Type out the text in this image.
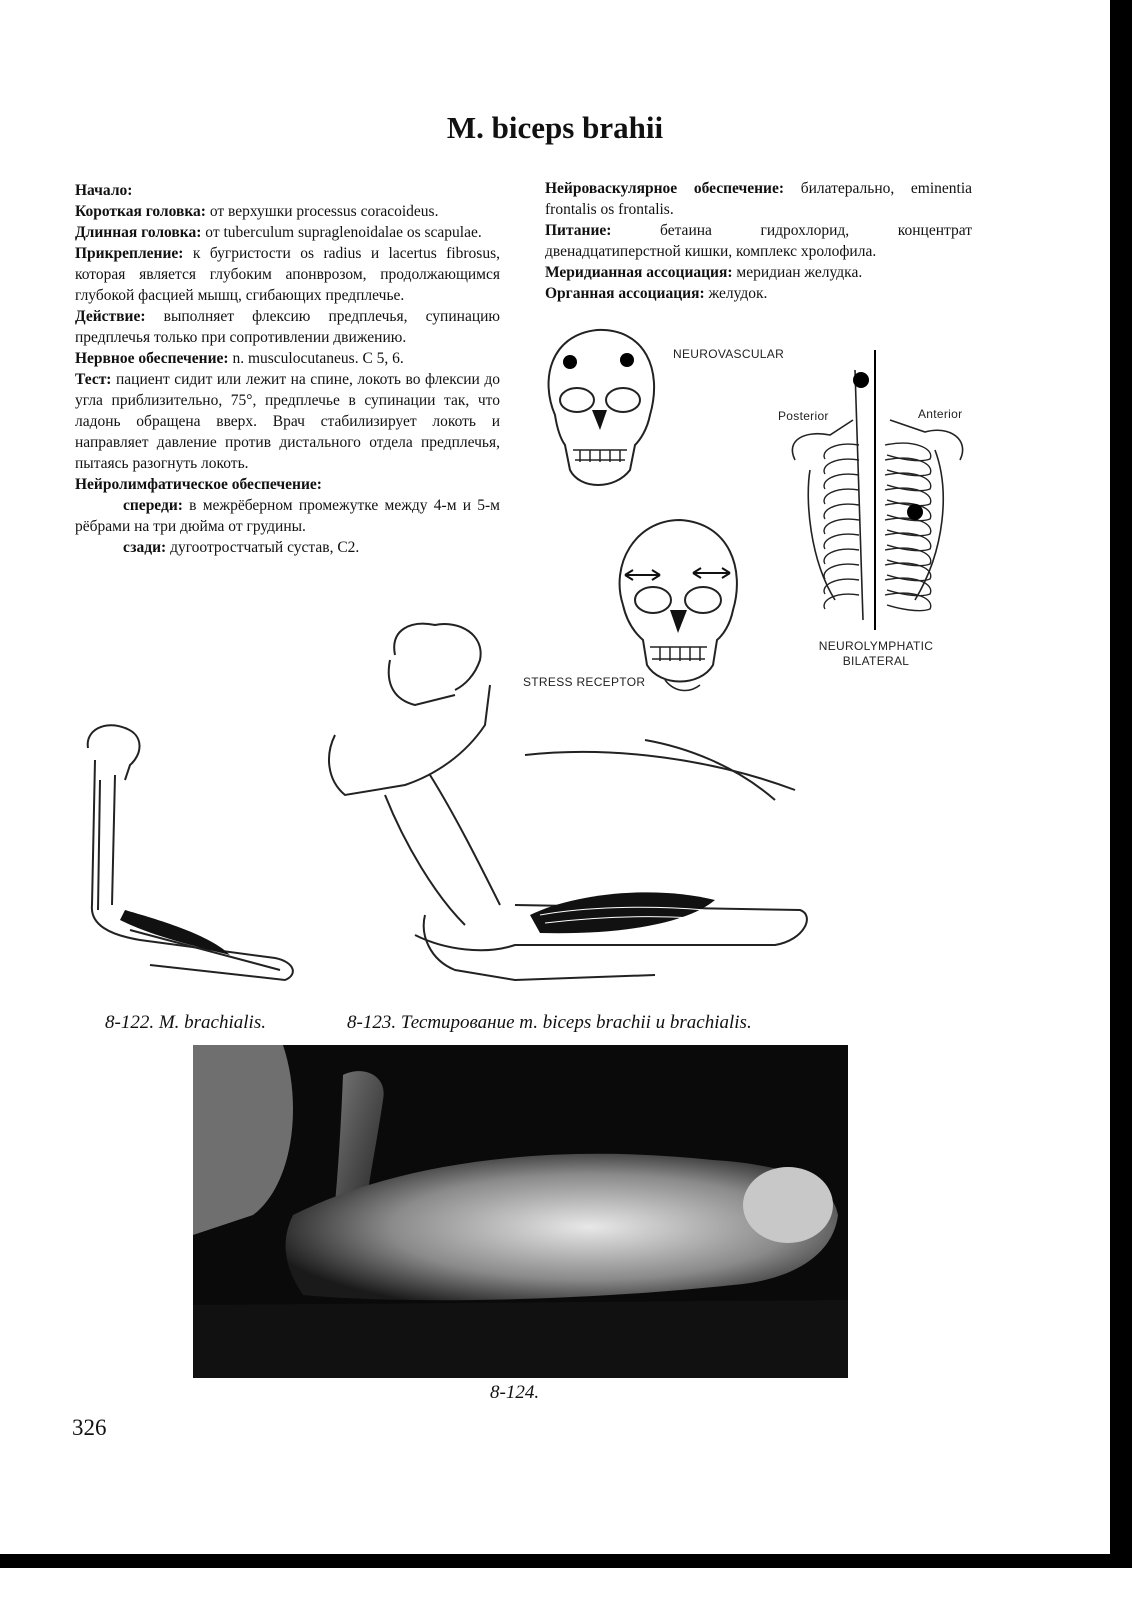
M. biceps brahii

Начало:

Короткая головка: от верхушки processus coracoideus.

Длинная головка: от tuberculum supraglenoidalae os scapulae.

Прикрепление: к бугристости os radius и lacertus fibrosus, которая является глубоким апонврозом, продолжающимся глубокой фасцией мышц, сгибающих предплечье.

Действие: выполняет флексию предплечья, супинацию предплечья только при сопротивлении движению.

Нервное обеспечение: n. musculocutaneus. С 5, 6.

Тест: пациент сидит или лежит на спине, локоть во флексии до угла приблизительно, 75°, предплечье в супинации так, что ладонь обращена вверх. Врач стабилизирует локоть и направляет давление против дистального отдела предплечья, пытаясь разогнуть локоть.

Нейролимфатическое обеспечение:

спереди: в межрёберном промежутке между 4-м и 5-м рёбрами на три дюйма от грудины.

сзади: дугоотростчатый сустав, С2.

Нейроваскулярное обеспечение: билатерально, eminentia frontalis os frontalis.

Питание: бетаина гидрохлорид, концентрат двенадцатиперстной кишки, комплекс хролофила.

Меридианная ассоциация: меридиан желудка.

Органная ассоциация: желудок.

NEUROVASCULAR
Posterior	Anterior
NEUROLYMPHATIC
BILATERAL
STRESS RECEPTOR
8-122. M. brachialis.	8-123. Тестирование т. biceps brachii и brachialis.
8-124.
326
